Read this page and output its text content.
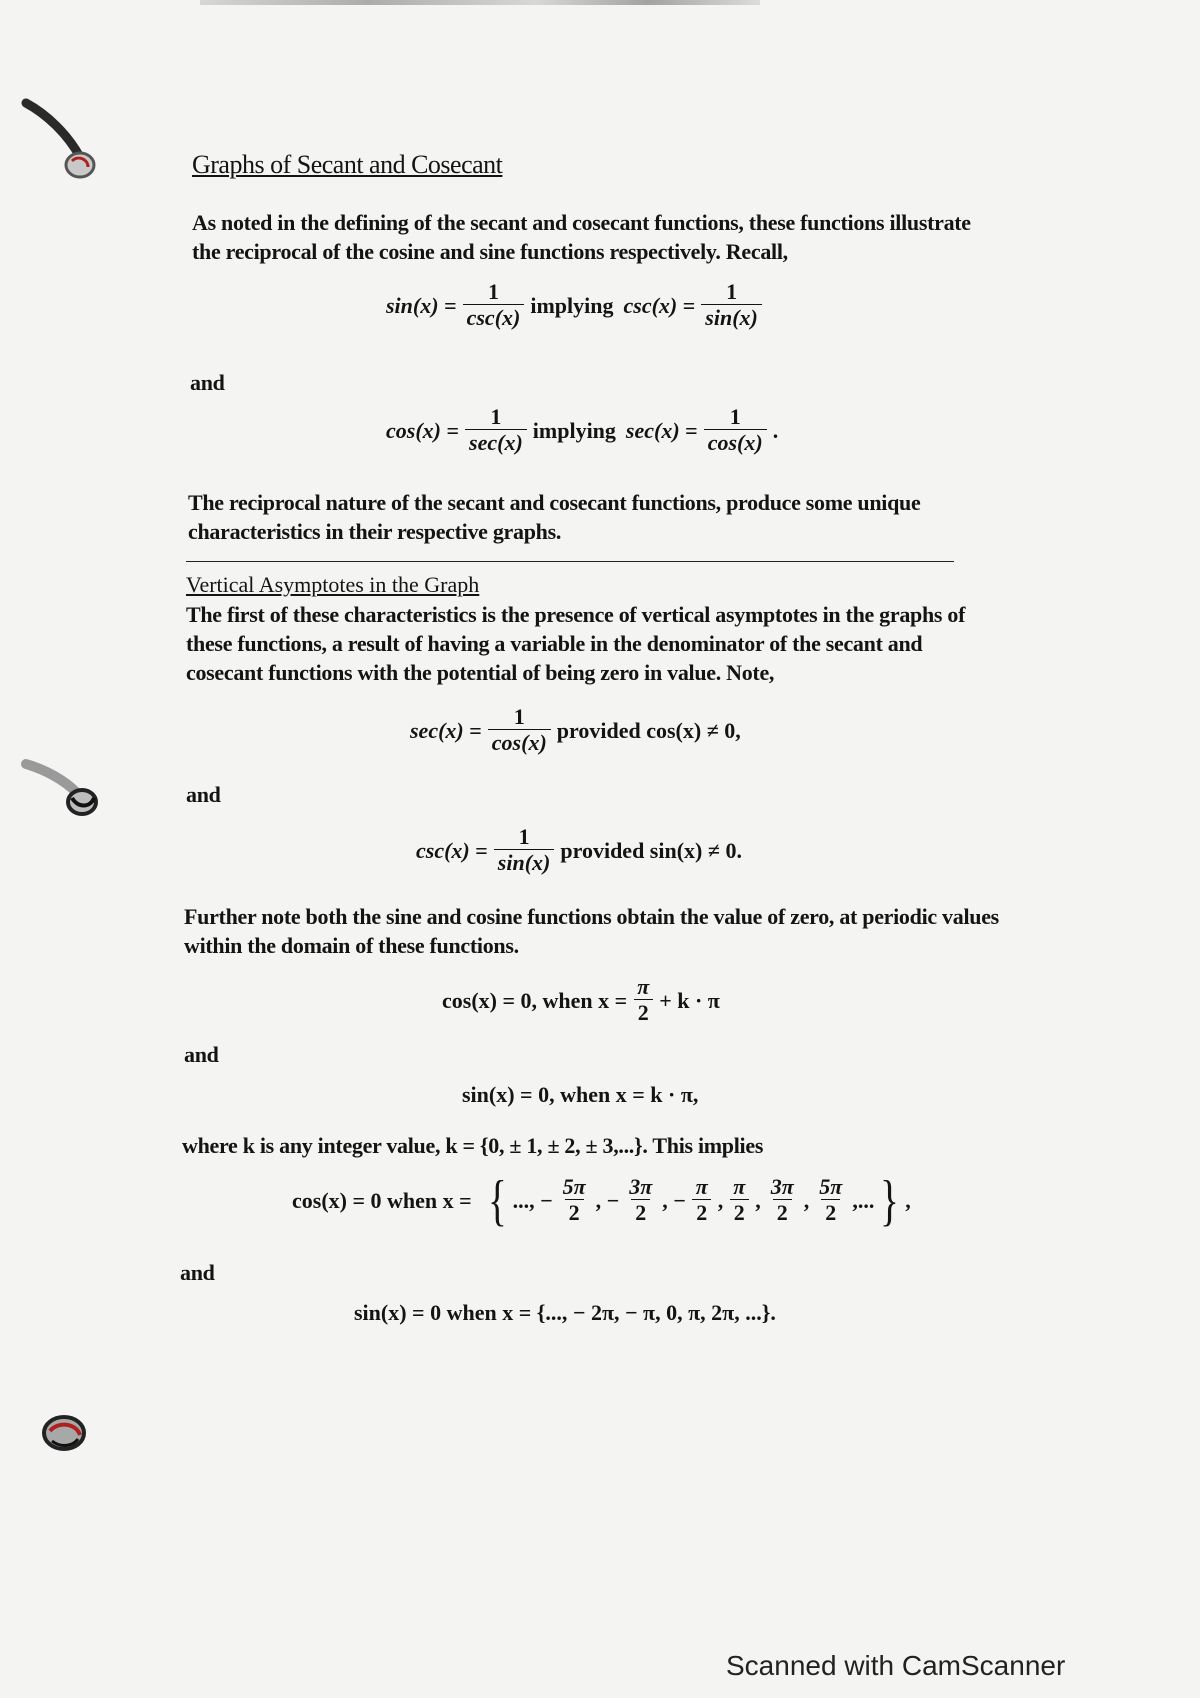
Graphs of Secant and Cosecant
As noted in the defining of the secant and cosecant functions, these functions illustrate the reciprocal of the cosine and sine functions respectively. Recall,
$\sin(x) = \frac{1}{\csc(x)}$ implying $\csc(x) = \frac{1}{\sin(x)}$
and
$\cos(x) = \frac{1}{\sec(x)}$ implying $\sec(x) = \frac{1}{\cos(x)}$ .
The reciprocal nature of the secant and cosecant functions, produce some unique characteristics in their respective graphs.
Vertical Asymptotes in the Graph
The first of these characteristics is the presence of vertical asymptotes in the graphs of these functions, a result of having a variable in the denominator of the secant and cosecant functions with the potential of being zero in value. Note,
$\sec(x) = \frac{1}{\cos(x)}$ provided cos(x) ≠ 0,
and
$\csc(x) = \frac{1}{\sin(x)}$ provided sin(x) ≠ 0.
Further note both the sine and cosine functions obtain the value of zero, at periodic values within the domain of these functions.
cos(x) = 0, when $x = \frac{\pi}{2} + k \cdot \pi$
and
sin(x) = 0, when x = k · π,
where k is any integer value, k = {0, ± 1, ± 2, ± 3,...}. This implies
cos(x) = 0 when x = { ..., − $\frac{5\pi}{2}$ , − $\frac{3\pi}{2}$ , − $\frac{\pi}{2}$ , $\frac{\pi}{2}$ , $\frac{3\pi}{2}$ , $\frac{5\pi}{2}$ ,... } ,
and
sin(x) = 0 when x = {..., − 2π, − π, 0, π, 2π, ...}.
Scanned with CamScanner
